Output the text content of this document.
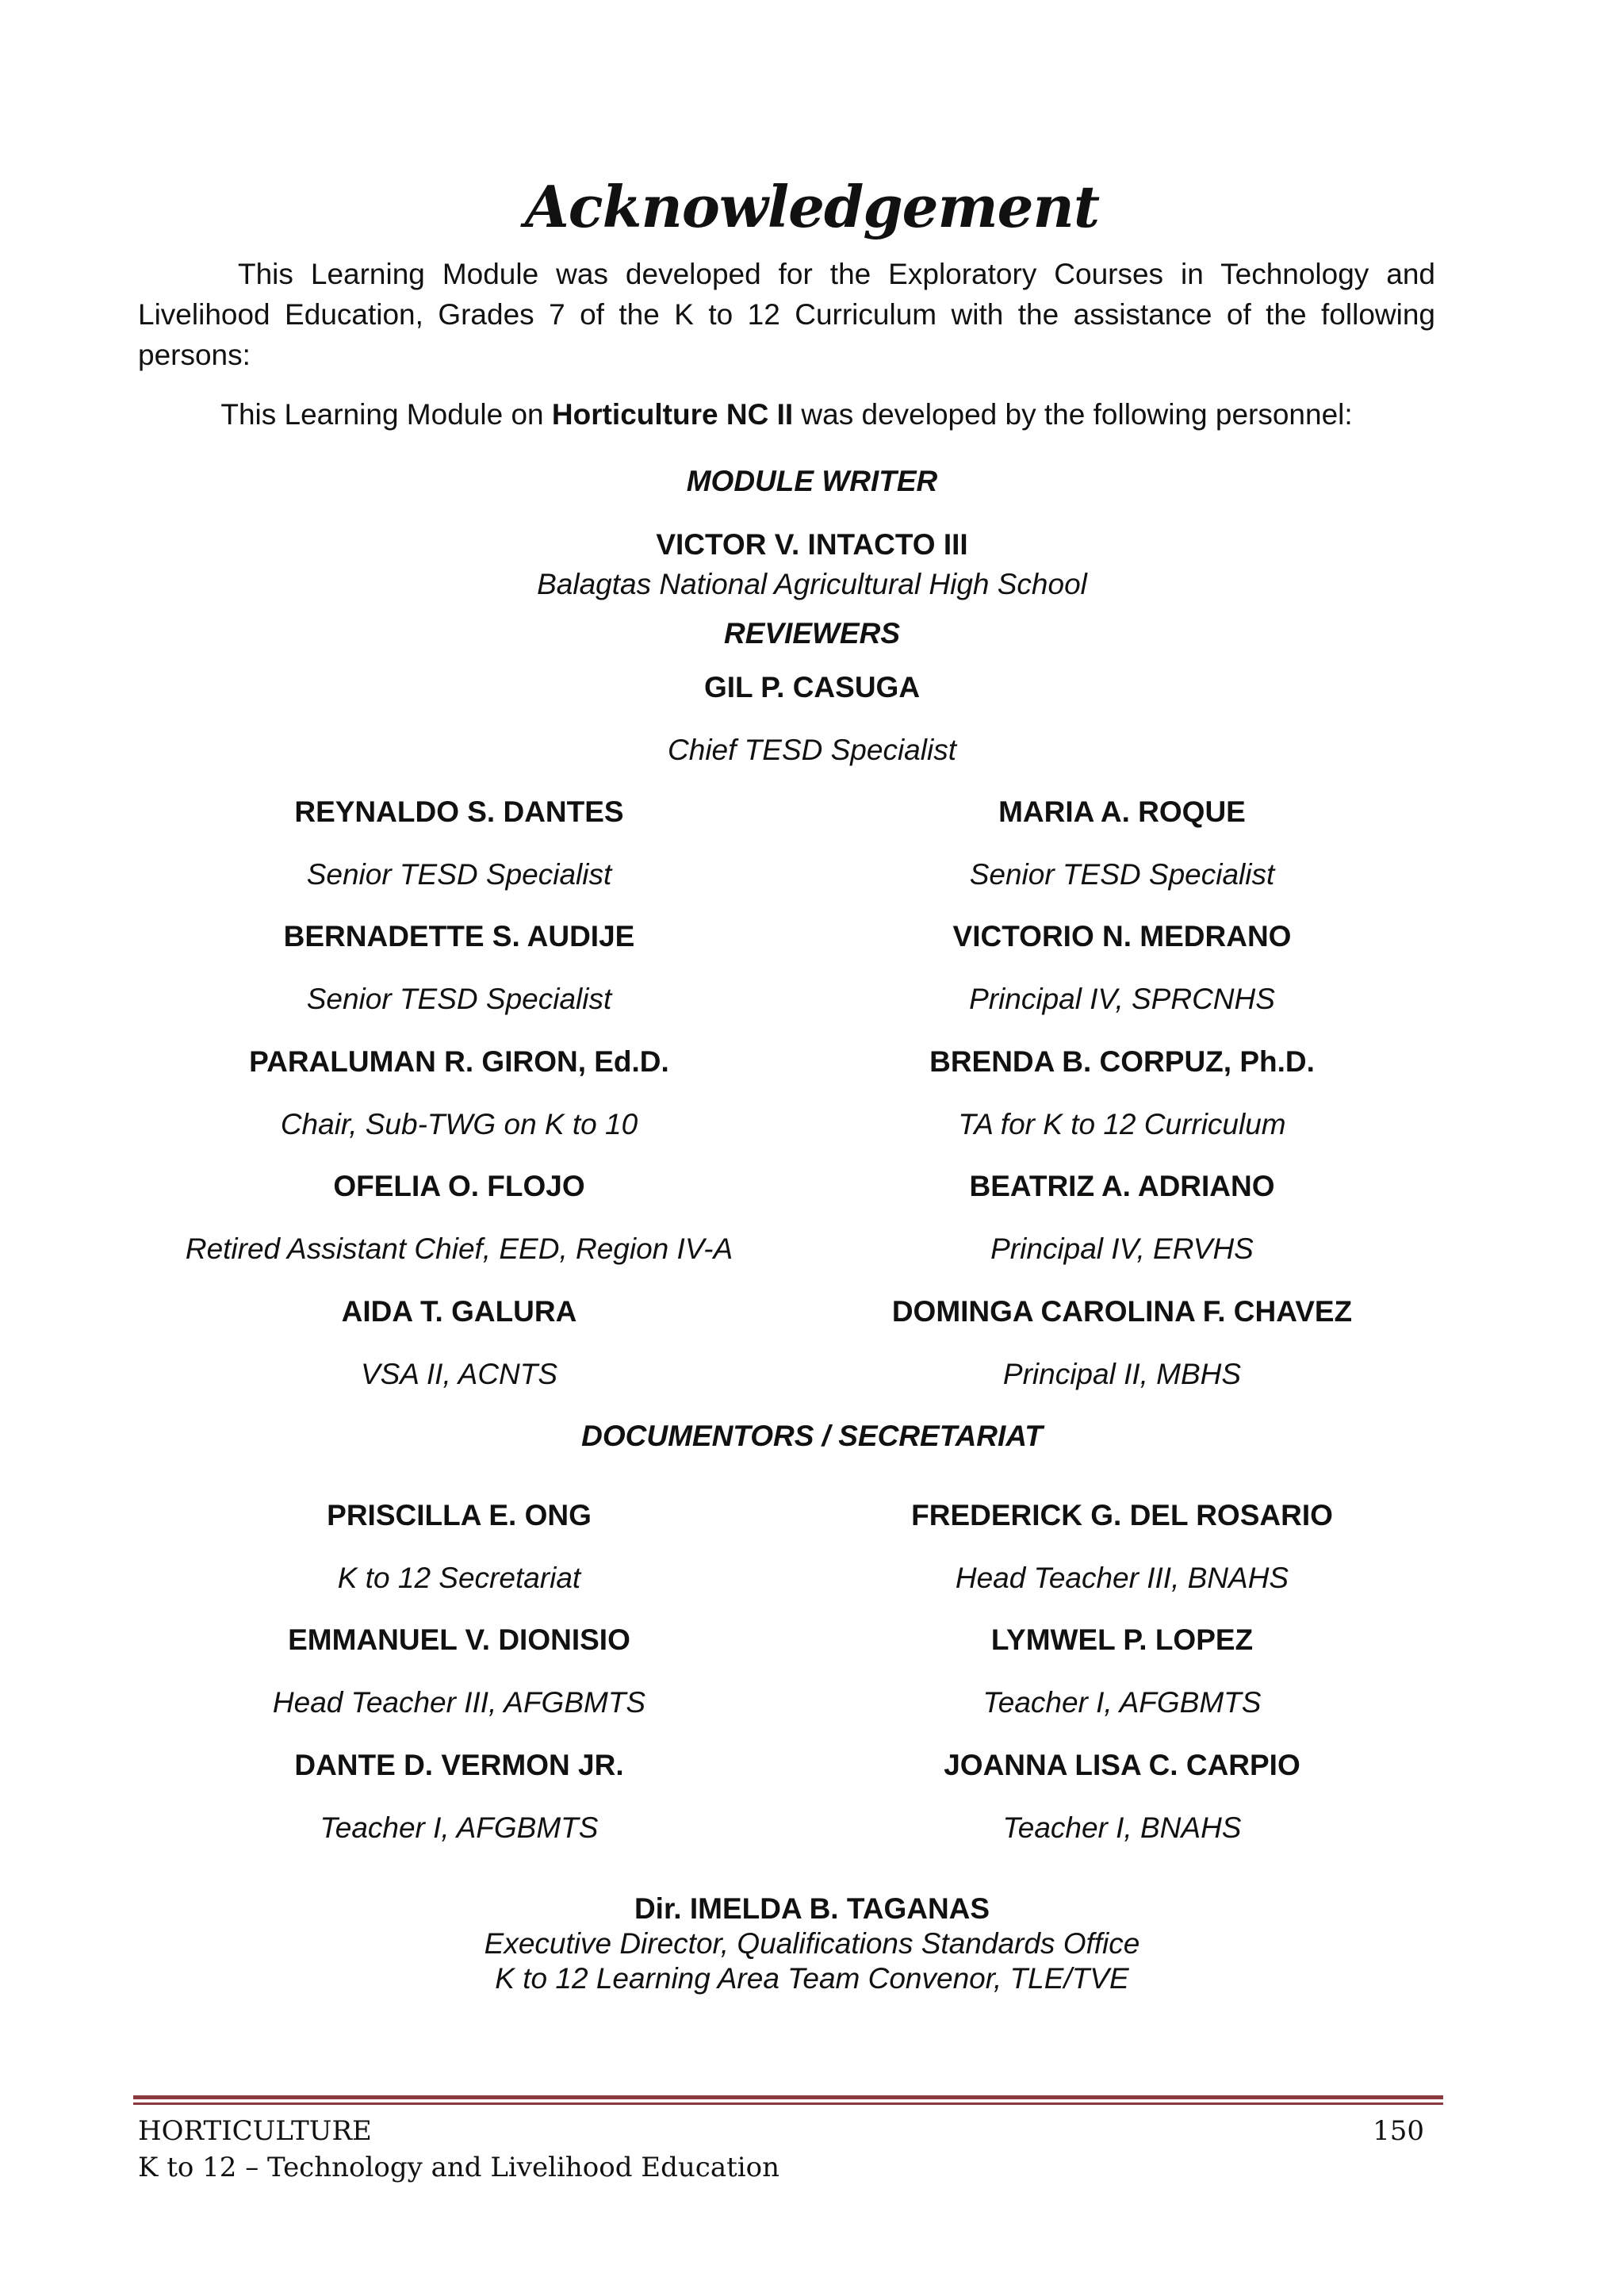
Acknowledgement
This Learning Module was developed for the Exploratory Courses in Technology and Livelihood Education, Grades 7 of the K to 12 Curriculum with the assistance of the following persons:
This Learning Module on Horticulture NC II was developed by the following personnel:
MODULE WRITER
VICTOR V. INTACTO III
Balagtas National Agricultural High School
REVIEWERS
GIL P. CASUGA
Chief TESD Specialist
REYNALDO S. DANTES
Senior TESD Specialist
BERNADETTE S. AUDIJE
Senior TESD Specialist
PARALUMAN R. GIRON, Ed.D.
Chair, Sub-TWG on K to 10
OFELIA O. FLOJO
Retired Assistant Chief, EED, Region IV-A
AIDA T. GALURA
VSA II, ACNTS
MARIA A. ROQUE
Senior TESD Specialist
VICTORIO N. MEDRANO
Principal IV, SPRCNHS
BRENDA B. CORPUZ, Ph.D.
TA for K to 12 Curriculum
BEATRIZ A. ADRIANO
Principal IV, ERVHS
DOMINGA CAROLINA F. CHAVEZ
Principal II, MBHS
DOCUMENTORS / SECRETARIAT
PRISCILLA E. ONG
K to 12 Secretariat
EMMANUEL V. DIONISIO
Head Teacher III, AFGBMTS
DANTE D. VERMON JR.
Teacher I, AFGBMTS
FREDERICK G. DEL ROSARIO
Head Teacher III, BNAHS
LYMWEL P. LOPEZ
Teacher I, AFGBMTS
JOANNA LISA C. CARPIO
Teacher I, BNAHS
Dir. IMELDA B. TAGANAS
Executive Director, Qualifications Standards Office
K to 12 Learning Area Team Convenor, TLE/TVE
HORTICULTURE
K to 12 – Technology and Livelihood Education
150
